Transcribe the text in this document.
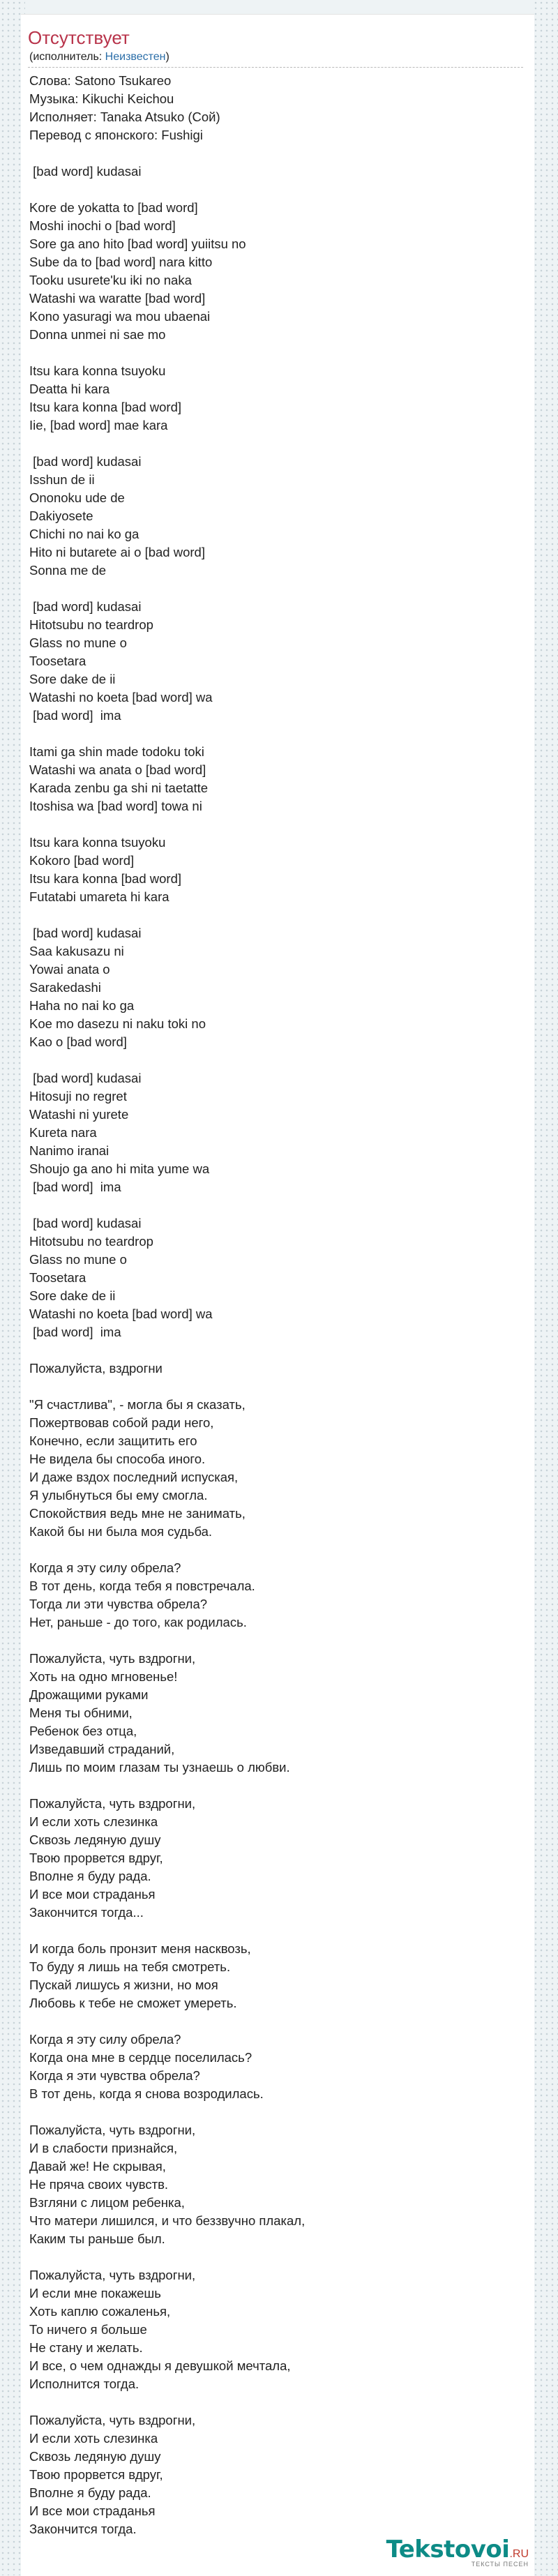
Отсутствует
(исполнитель: Неизвестен)
Слова: Satono Tsukareo
Музыка: Kikuchi Keichou
Исполняет: Tanaka Atsuko (Сой)
Перевод с японского: Fushigi
[bad word] kudasai
Kore de yokatta to [bad word]
Moshi inochi o [bad word]
Sore ga ano hito [bad word] yuiitsu no
Sube da to [bad word] nara kitto
Tooku usurete'ku iki no naka
Watashi wa waratte [bad word]
Kono yasuragi wa mou ubaenai
Donna unmei ni sae mo
Itsu kara konna tsuyoku
Deatta hi kara
Itsu kara konna [bad word]
Iie, [bad word] mae kara
[bad word] kudasai
Isshun de ii
Ononoku ude de
Dakiyosete
Chichi no nai ko ga
Hito ni butarete ai o [bad word]
Sonna me de
[bad word] kudasai
Hitotsubu no teardrop
Glass no mune o
Toosetara
Sore dake de ii
Watashi no koeta [bad word] wa
[bad word]  ima
Itami ga shin made todoku toki
Watashi wa anata o [bad word]
Karada zenbu ga shi ni taetatte
Itoshisa wa [bad word] towa ni
Itsu kara konna tsuyoku
Kokoro [bad word]
Itsu kara konna [bad word]
Futatabi umareta hi kara
[bad word] kudasai
Saa kakusazu ni
Yowai anata o
Sarakedashi
Haha no nai ko ga
Koe mo dasezu ni naku toki no
Kao o [bad word]
[bad word] kudasai
Hitosuji no regret
Watashi ni yurete
Kureta nara
Nanimo iranai
Shoujo ga ano hi mita yume wa
[bad word]  ima
[bad word] kudasai
Hitotsubu no teardrop
Glass no mune o
Toosetara
Sore dake de ii
Watashi no koeta [bad word] wa
[bad word]  ima
Пожалуйста, вздрогни
"Я счастлива", - могла бы я сказать,
Пожертвовав собой ради него,
Конечно, если защитить его
Не видела бы способа иного.
И даже вздох последний испуская,
Я улыбнуться бы ему смогла.
Спокойствия ведь мне не занимать,
Какой бы ни была моя судьба.
Когда я эту силу обрела?
В тот день, когда тебя я повстречала.
Тогда ли эти чувства обрела?
Нет, раньше - до того, как родилась.
Пожалуйста, чуть вздрогни,
Хоть на одно мгновенье!
Дрожащими руками
Меня ты обними,
Ребенок без отца,
Изведавший страданий,
Лишь по моим глазам ты узнаешь о любви.
Пожалуйста, чуть вздрогни,
И если хоть слезинка
Сквозь ледяную душу
Твою прорвется вдруг,
Вполне я буду рада.
И все мои страданья
Закончится тогда...
И когда боль пронзит меня насквозь,
То буду я лишь на тебя смотреть.
Пускай лишусь я жизни, но моя
Любовь к тебе не сможет умереть.
Когда я эту силу обрела?
Когда она мне в сердце поселилась?
Когда я эти чувства обрела?
В тот день, когда я снова возродилась.
Пожалуйста, чуть вздрогни,
И в слабости признайся,
Давай же! Не скрывая,
Не пряча своих чувств.
Взгляни с лицом ребенка,
Что матери лишился, и что беззвучно плакал,
Каким ты раньше был.
Пожалуйста, чуть вздрогни,
И если мне покажешь
Хоть каплю сожаленья,
То ничего я больше
Не стану и желать.
И все, о чем однажды я девушкой мечтала,
Исполнится тогда.
Пожалуйста, чуть вздрогни,
И если хоть слезинка
Сквозь ледяную душу
Твою прорвется вдруг,
Вполне я буду рада.
И все мои страданья
Закончится тогда.
Tekstovoi.RU
ТЕКСТЫ ПЕСЕН
